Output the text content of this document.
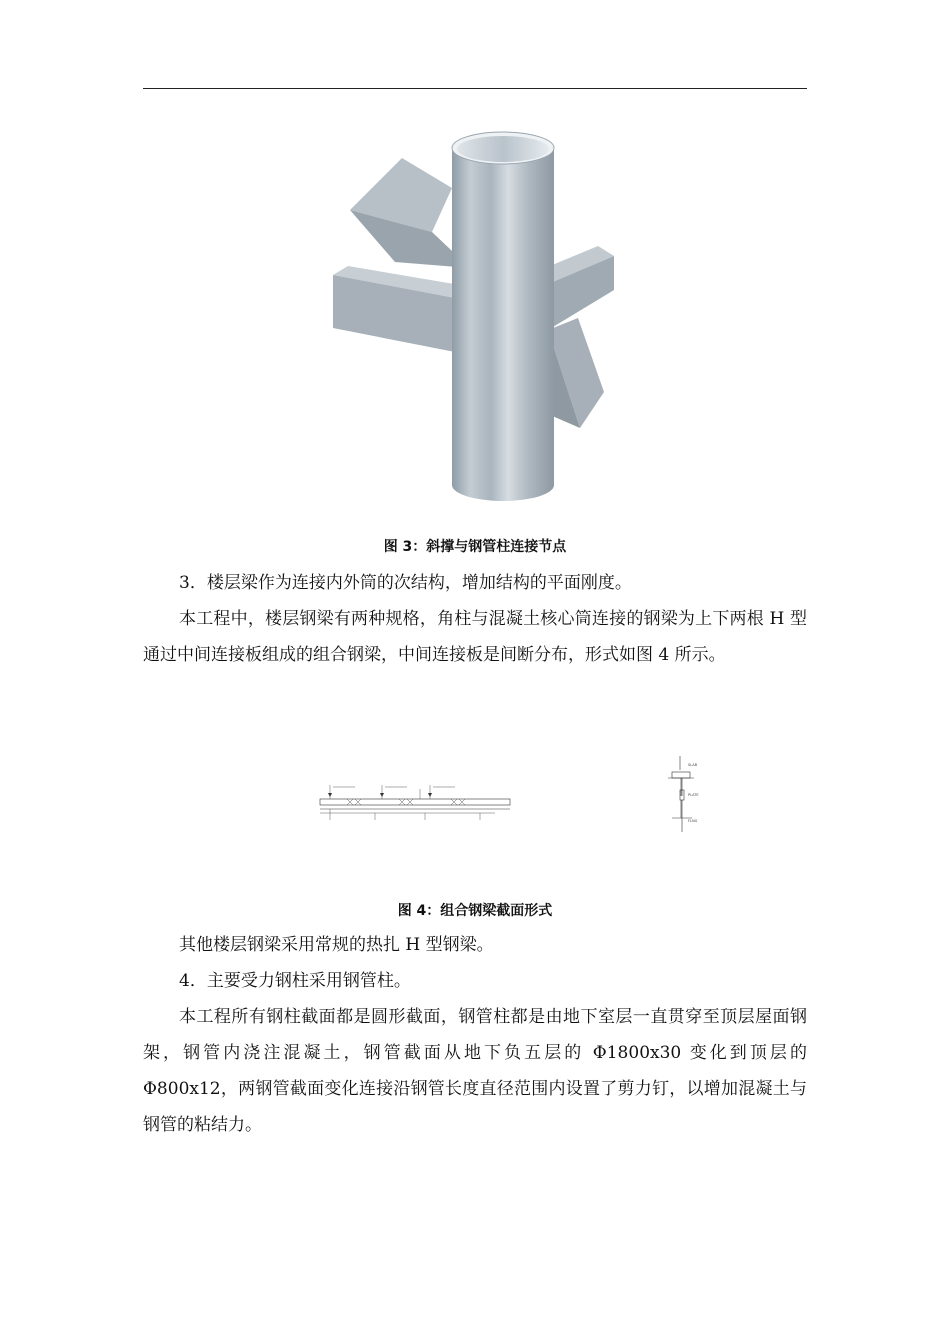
图 3：斜撑与钢管柱连接节点

3．楼层梁作为连接内外筒的次结构，增加结构的平面刚度。

本工程中，楼层钢梁有两种规格，角柱与混凝土核心筒连接的钢梁为上下两根 H 型通过中间连接板组成的组合钢梁，中间连接板是间断分布，形式如图 4 所示。

SLAB
PLATE
FLNG
图 4：组合钢梁截面形式

其他楼层钢梁采用常规的热扎 H 型钢梁。

4．主要受力钢柱采用钢管柱。

本工程所有钢柱截面都是圆形截面，钢管柱都是由地下室层一直贯穿至顶层屋面钢架，钢管内浇注混凝土，钢管截面从地下负五层的 Φ1800x30 变化到顶层的 Φ800x12，两钢管截面变化连接沿钢管长度直径范围内设置了剪力钉，以增加混凝土与钢管的粘结力。
